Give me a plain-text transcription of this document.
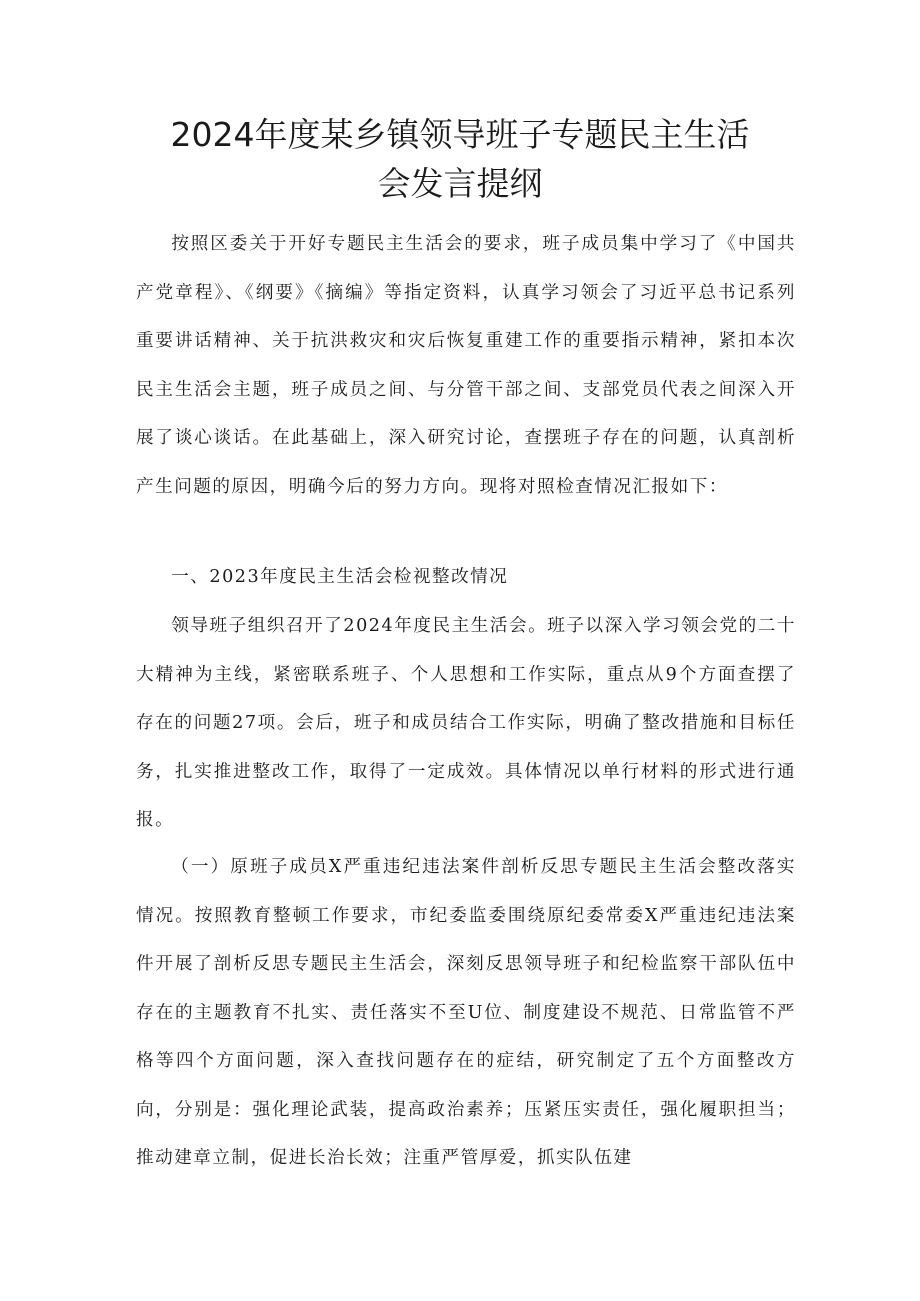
2024年度某乡镇领导班子专题民主生活
会发言提纲

按照区委关于开好专题民主生活会的要求，班子成员集中学习了《中国共产党章程》、《纲要》《摘编》等指定资料，认真学习领会了习近平总书记系列重要讲话精神、关于抗洪救灾和灾后恢复重建工作的重要指示精神，紧扣本次民主生活会主题，班子成员之间、与分管干部之间、支部党员代表之间深入开展了谈心谈话。在此基础上，深入研究讨论，查摆班子存在的问题，认真剖析产生问题的原因，明确今后的努力方向。现将对照检查情况汇报如下：

一、2023年度民主生活会检视整改情况

领导班子组织召开了2024年度民主生活会。班子以深入学习领会党的二十大精神为主线，紧密联系班子、个人思想和工作实际，重点从9个方面查摆了存在的问题27项。会后，班子和成员结合工作实际，明确了整改措施和目标任务，扎实推进整改工作，取得了一定成效。具体情况以单行材料的形式进行通报。

（一）原班子成员X严重违纪违法案件剖析反思专题民主生活会整改落实情况。按照教育整顿工作要求，市纪委监委围绕原纪委常委X严重违纪违法案件开展了剖析反思专题民主生活会，深刻反思领导班子和纪检监察干部队伍中存在的主题教育不扎实、责任落实不至U位、制度建设不规范、日常监管不严格等四个方面问题，深入查找问题存在的症结，研究制定了五个方面整改方向，分别是：强化理论武装，提高政治素养；压紧压实责任，强化履职担当；推动建章立制，促进长治长效；注重严管厚爱，抓实队伍建
